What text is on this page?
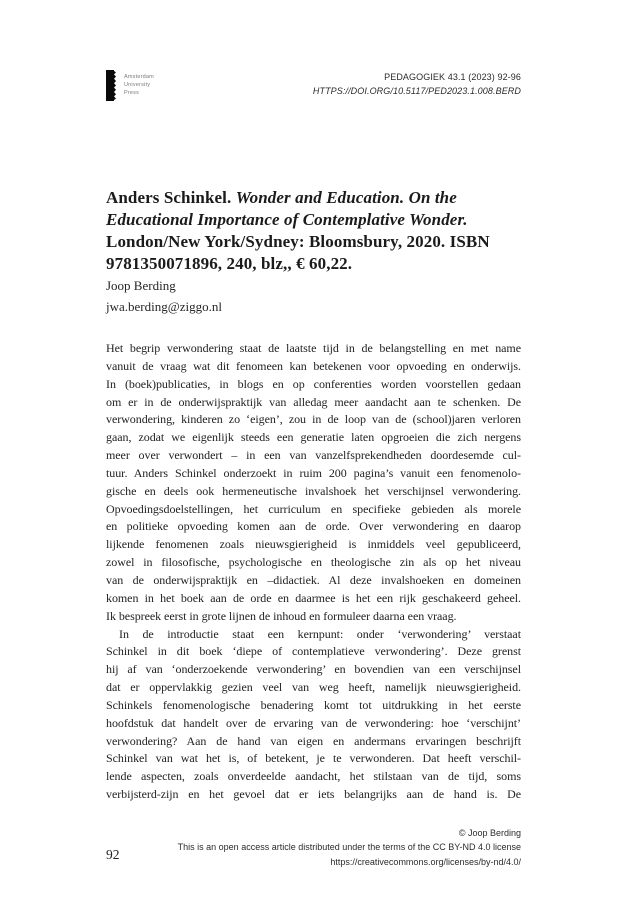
Amsterdam
University
Press
PEDAGOGIEK 43.1 (2023) 92-96
HTTPS://DOI.ORG/10.5117/PED2023.1.008.BERD
Anders Schinkel. Wonder and Education. On the
Educational Importance of Contemplative Wonder.
London/New York/Sydney: Bloomsbury, 2020. ISBN
9781350071896, 240, blz,, € 60,22.
Joop Berding
jwa.berding@ziggo.nl
Het begrip verwondering staat de laatste tijd in de belangstelling en met name
vanuit de vraag wat dit fenomeen kan betekenen voor opvoeding en onderwijs.
In (boek)publicaties, in blogs en op conferenties worden voorstellen gedaan
om er in de onderwijspraktijk van alledag meer aandacht aan te schenken. De
verwondering, kinderen zo ‘eigen’, zou in de loop van de (school)jaren verloren
gaan, zodat we eigenlijk steeds een generatie laten opgroeien die zich nergens
meer over verwondert – in een van vanzelfsprekendheden doordesemde cul-
tuur. Anders Schinkel onderzoekt in ruim 200 pagina’s vanuit een fenomenolo-
gische en deels ook hermeneutische invalshoek het verschijnsel verwondering.
Opvoedingsdoelstellingen, het curriculum en specifieke gebieden als morele
en politieke opvoeding komen aan de orde. Over verwondering en daarop
lijkende fenomenen zoals nieuwsgierigheid is inmiddels veel gepubliceerd,
zowel in filosofische, psychologische en theologische zin als op het niveau
van de onderwijspraktijk en –didactiek. Al deze invalshoeken en domeinen
komen in het boek aan de orde en daarmee is het een rijk geschakeerd geheel.
Ik bespreek eerst in grote lijnen de inhoud en formuleer daarna een vraag.
In de introductie staat een kernpunt: onder ‘verwondering’ verstaat
Schinkel in dit boek ‘diepe of contemplatieve verwondering’. Deze grenst
hij af van ‘onderzoekende verwondering’ en bovendien van een verschijnsel
dat er oppervlakkig gezien veel van weg heeft, namelijk nieuwsgierigheid.
Schinkels fenomenologische benadering komt tot uitdrukking in het eerste
hoofdstuk dat handelt over de ervaring van de verwondering: hoe ‘verschijnt’
verwondering? Aan de hand van eigen en andermans ervaringen beschrijft
Schinkel van wat het is, of betekent, je te verwonderen. Dat heeft verschil-
lende aspecten, zoals onverdeelde aandacht, het stilstaan van de tijd, soms
verbijsterd-zijn en het gevoel dat er iets belangrijks aan de hand is. De
© Joop Berding
This is an open access article distributed under the terms of the CC BY-ND 4.0 license
https://creativecommons.org/licenses/by-nd/4.0/
92
